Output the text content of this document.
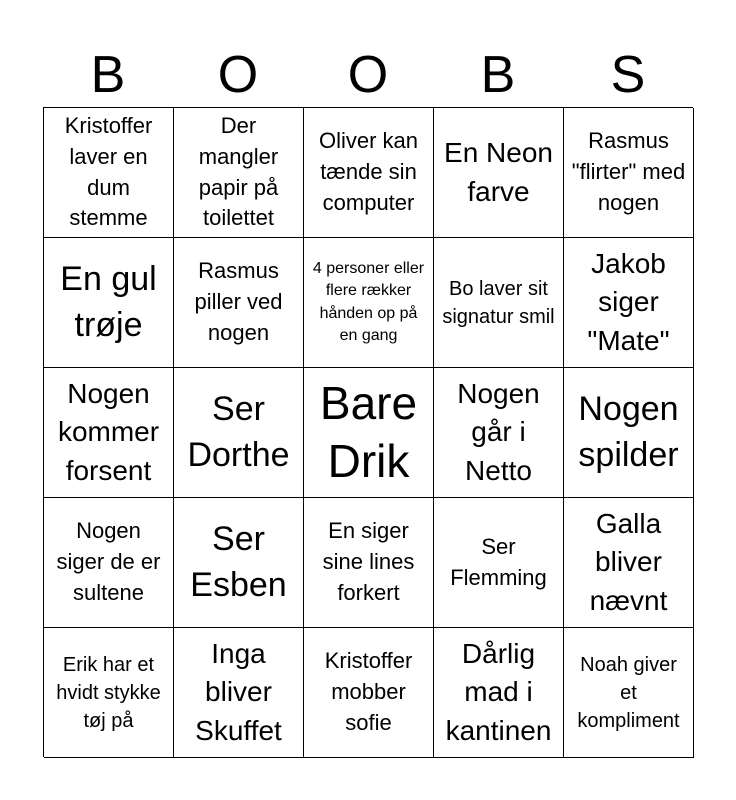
B	O	O	B	S
Kristoffer laver en dum stemme
Der mangler papir på toilettet
Oliver kan tænde sin computer
En Neon farve
Rasmus "flirter" med nogen
En gul trøje
Rasmus piller ved nogen
4 personer eller flere rækker hånden op på en gang
Bo laver sit signatur smil
Jakob siger "Mate"
Nogen kommer forsent
Ser Dorthe
Bare Drik
Nogen går i Netto
Nogen spilder
Nogen siger de er sultene
Ser Esben
En siger sine lines forkert
Ser Flemming
Galla bliver nævnt
Erik har et hvidt stykke tøj på
Inga bliver Skuffet
Kristoffer mobber sofie
Dårlig mad i kantinen
Noah giver et kompliment
